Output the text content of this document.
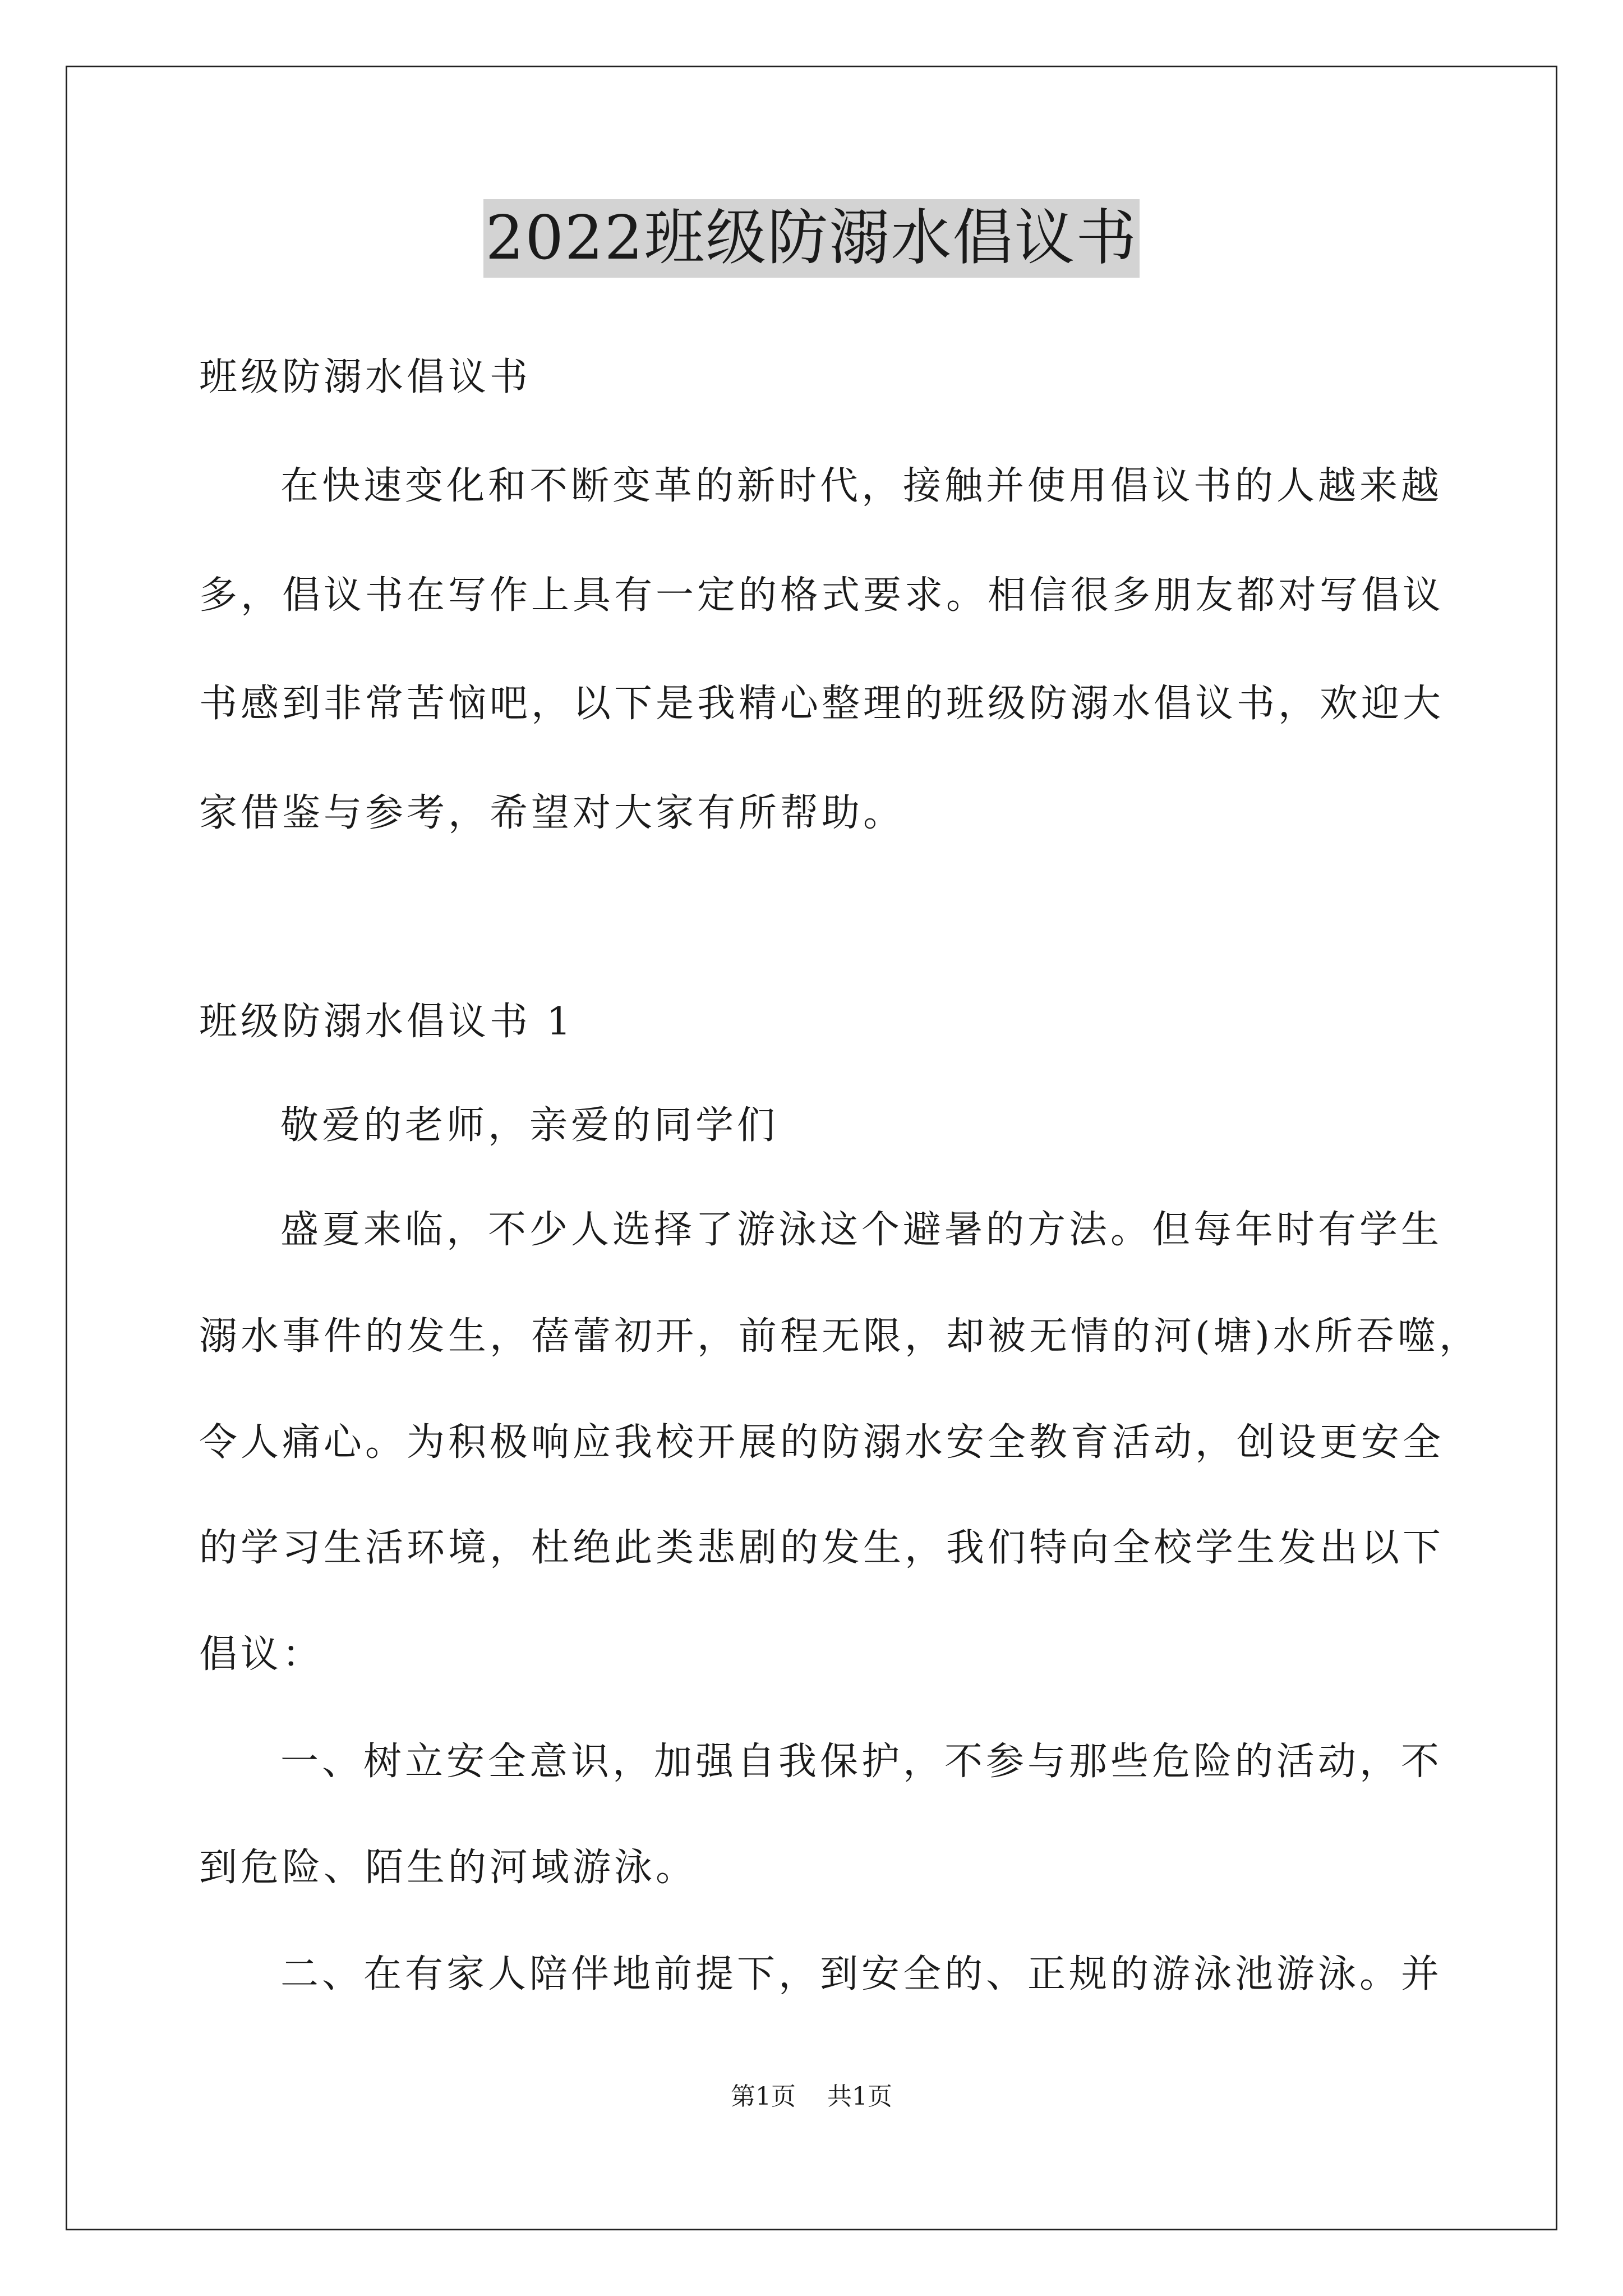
2022班级防溺水倡议书

班级防溺水倡议书

在快速变化和不断变革的新时代，接触并使用倡议书的人越来越

多，倡议书在写作上具有一定的格式要求。相信很多朋友都对写倡议

书感到非常苦恼吧，以下是我精心整理的班级防溺水倡议书，欢迎大

家借鉴与参考，希望对大家有所帮助。

班级防溺水倡议书 1

敬爱的老师，亲爱的同学们

盛夏来临，不少人选择了游泳这个避暑的方法。但每年时有学生

溺水事件的发生，蓓蕾初开，前程无限，却被无情的河(塘)水所吞噬，

令人痛心。为积极响应我校开展的防溺水安全教育活动，创设更安全

的学习生活环境，杜绝此类悲剧的发生，我们特向全校学生发出以下

倡议：

一、树立安全意识，加强自我保护，不参与那些危险的活动，不

到危险、陌生的河域游泳。

二、在有家人陪伴地前提下，到安全的、正规的游泳池游泳。并

第1页 共1页
